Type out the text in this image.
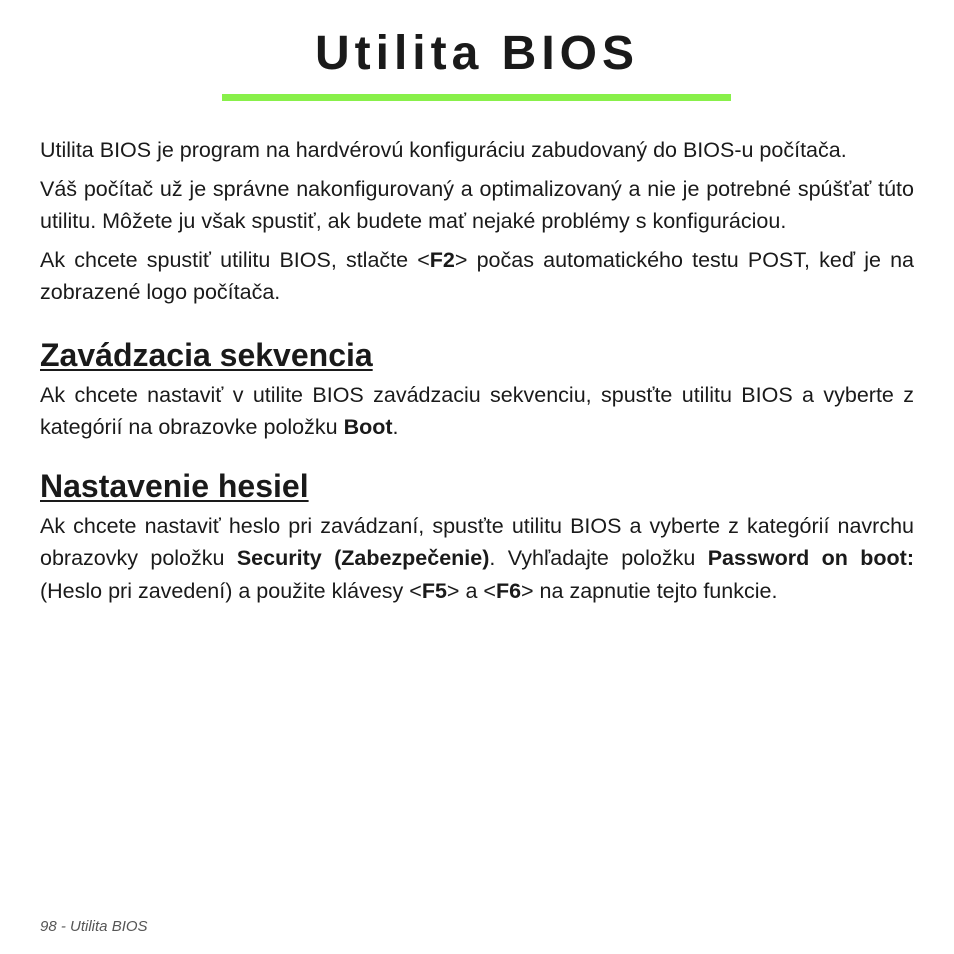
Utilita BIOS

Utilita BIOS je program na hardvérovú konfiguráciu zabudovaný do BIOS-u počítača.

Váš počítač už je správne nakonfigurovaný a optimalizovaný a nie je potrebné spúšťať túto utilitu. Môžete ju však spustiť, ak budete mať nejaké problémy s konfiguráciou.

Ak chcete spustiť utilitu BIOS, stlačte <F2> počas automatického testu POST, keď je na zobrazené logo počítača.

Zavádzacia sekvencia

Ak chcete nastaviť v utilite BIOS zavádzaciu sekvenciu, spusťte utilitu BIOS a vyberte z kategórií na obrazovke položku Boot.

Nastavenie hesiel

Ak chcete nastaviť heslo pri zavádzaní, spusťte utilitu BIOS a vyberte z kategórií navrchu obrazovky položku Security (Zabezpečenie). Vyhľadajte položku Password on boot: (Heslo pri zavedení) a použite klávesy <F5> a <F6> na zapnutie tejto funkcie.

98 - Utilita BIOS
